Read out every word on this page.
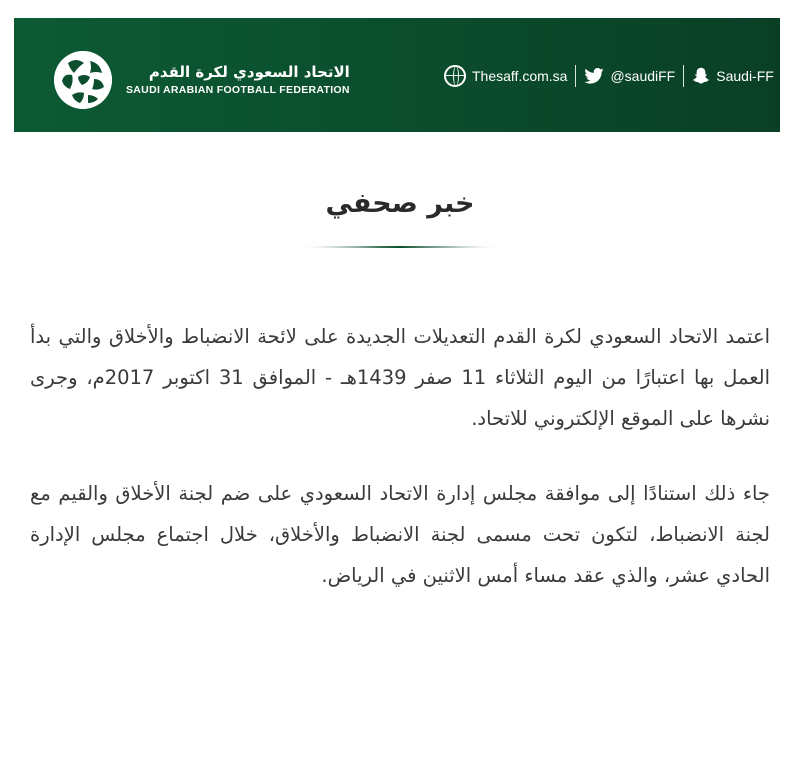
الاتحاد السعودي لكرة القدم
SAUDI ARABIAN FOOTBALL FEDERATION
Thesaff.com.sa	@saudiFF	Saudi-FF
خبر صحفي

اعتمد الاتحاد السعودي لكرة القدم التعديلات الجديدة على لائحة الانضباط والأخلاق والتي بدأ العمل بها اعتبارًا من اليوم الثلاثاء 11 صفر 1439هـ - الموافق 31 اكتوبر 2017م، وجرى نشرها على الموقع الإلكتروني للاتحاد.

جاء ذلك استنادًا إلى موافقة مجلس إدارة الاتحاد السعودي على ضم لجنة الأخلاق والقيم مع لجنة الانضباط، لتكون تحت مسمى لجنة الانضباط والأخلاق، خلال اجتماع مجلس الإدارة الحادي عشر، والذي عقد مساء أمس الاثنين في الرياض.
